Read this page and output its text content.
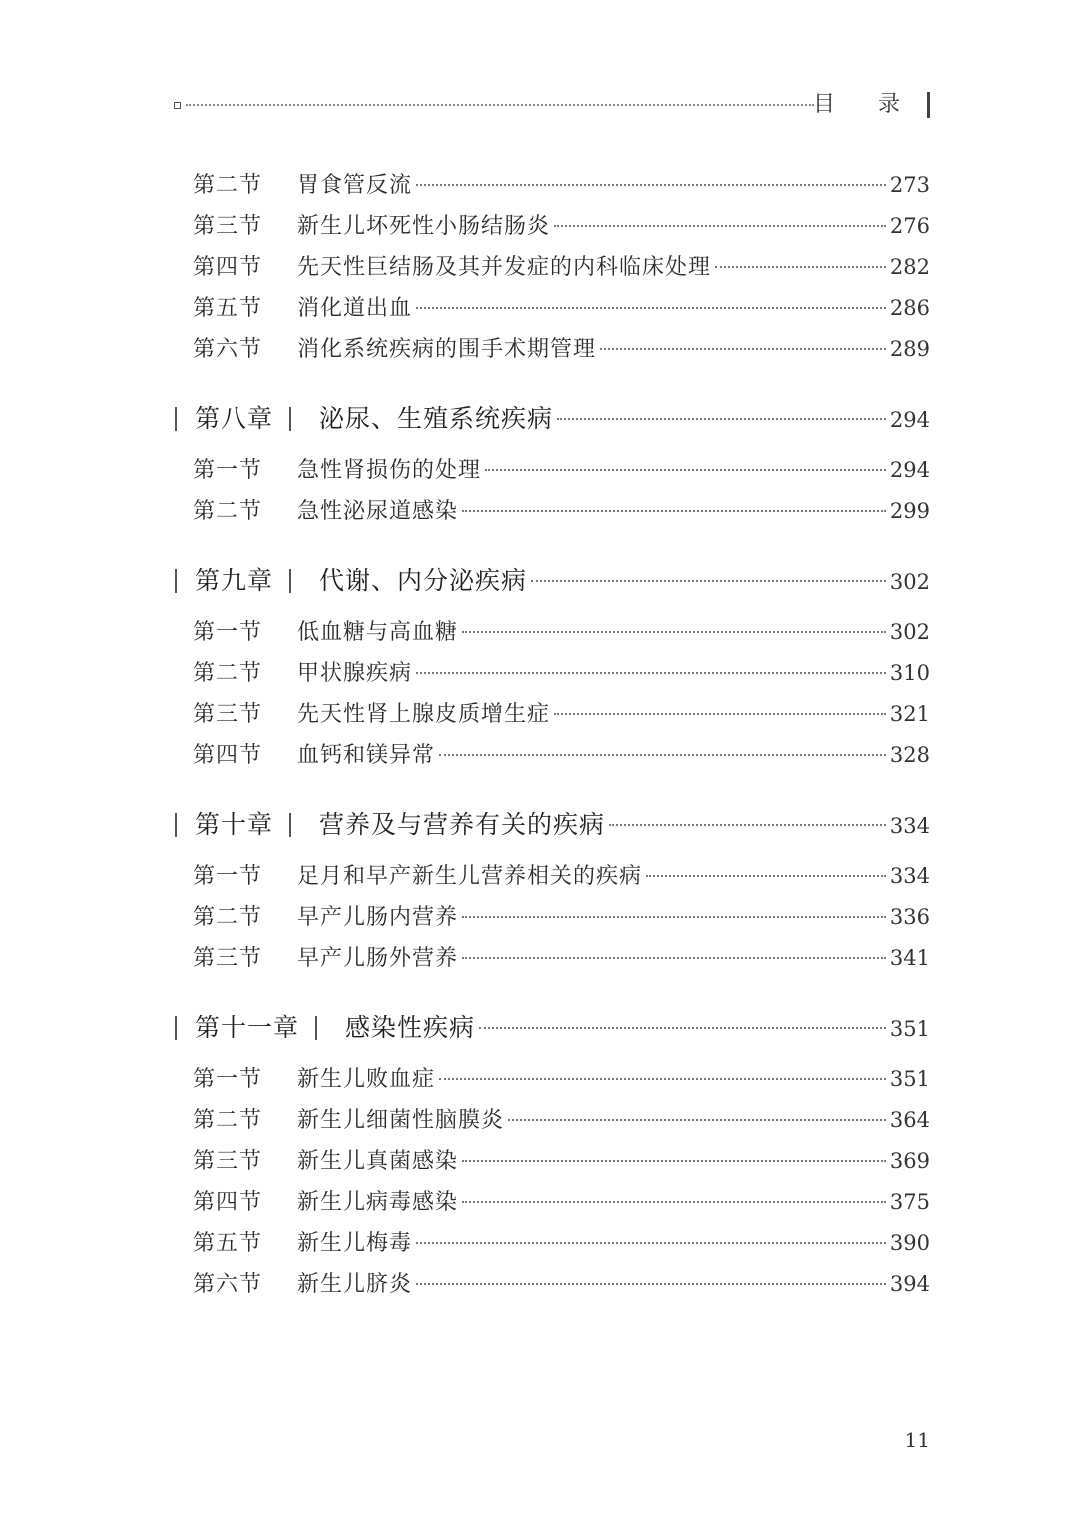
目 录
第二节	胃食管反流	273
第三节	新生儿坏死性小肠结肠炎	276
第四节	先天性巨结肠及其并发症的内科临床处理	282
第五节	消化道出血	286
第六节	消化系统疾病的围手术期管理	289
第八章 泌尿、生殖系统疾病	294
第一节	急性肾损伤的处理	294
第二节	急性泌尿道感染	299
第九章 代谢、内分泌疾病	302
第一节	低血糖与高血糖	302
第二节	甲状腺疾病	310
第三节	先天性肾上腺皮质增生症	321
第四节	血钙和镁异常	328
第十章 营养及与营养有关的疾病	334
第一节	足月和早产新生儿营养相关的疾病	334
第二节	早产儿肠内营养	336
第三节	早产儿肠外营养	341
第十一章 感染性疾病	351
第一节	新生儿败血症	351
第二节	新生儿细菌性脑膜炎	364
第三节	新生儿真菌感染	369
第四节	新生儿病毒感染	375
第五节	新生儿梅毒	390
第六节	新生儿脐炎	394
11
